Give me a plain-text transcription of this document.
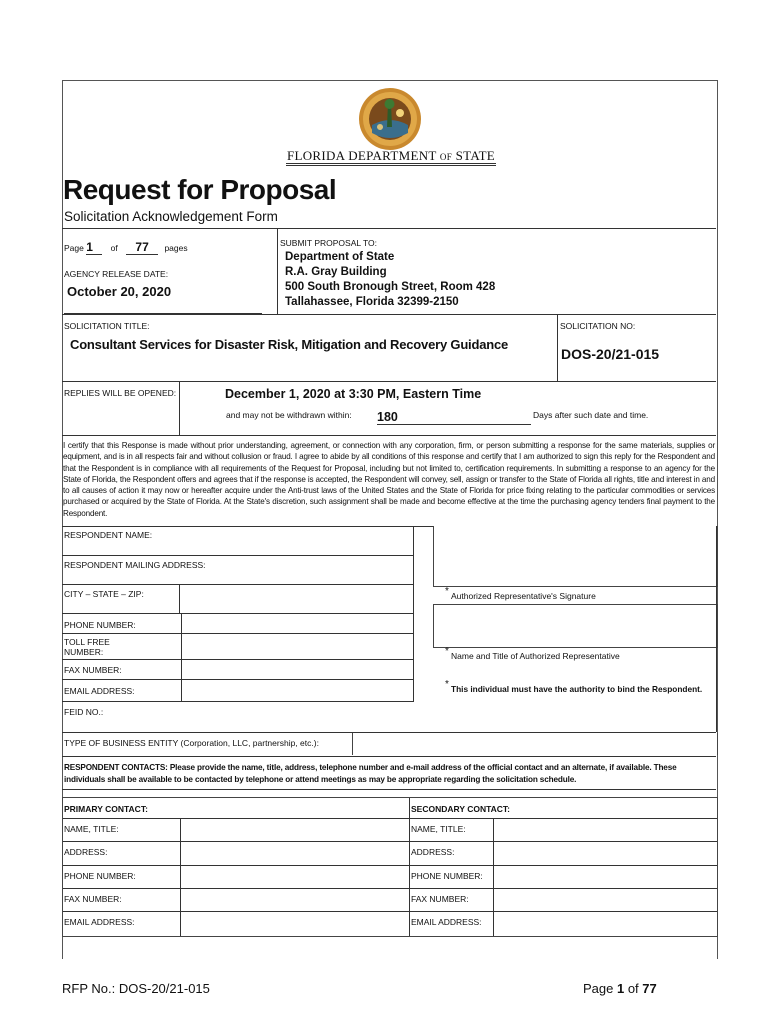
FLORIDA DEPARTMENT of STATE
Request for Proposal
Solicitation Acknowledgement Form
Page 1 of 77 pages
AGENCY RELEASE DATE:
October 20, 2020
SUBMIT PROPOSAL TO:
Department of State
R.A. Gray Building
500 South Bronough Street, Room 428
Tallahassee, Florida 32399-2150
SOLICITATION TITLE:
Consultant Services for Disaster Risk, Mitigation and Recovery Guidance
SOLICITATION NO:
DOS-20/21-015
REPLIES WILL BE OPENED:	December 1, 2020 at 3:30 PM, Eastern Time
and may not be withdrawn within: 180	Days after such date and time.
I certify that this Response is made without prior understanding, agreement, or connection with any corporation, firm, or person submitting a response for the same materials, supplies or equipment, and is in all respects fair and without collusion or fraud. I agree to abide by all conditions of this response and certify that I am authorized to sign this reply for the Respondent and that the Respondent is in compliance with all requirements of the Request for Proposal, including but not limited to, certification requirements. In submitting a response to an agency for the State of Florida, the Respondent offers and agrees that if the response is accepted, the Respondent will convey, sell, assign or transfer to the State of Florida all rights, title and interest in and to all causes of action it may now or hereafter acquire under the Anti-trust laws of the United States and the State of Florida for price fixing relating to the particular commodities or services purchased or acquired by the State of Florida. At the State's discretion, such assignment shall be made and become effective at the time the purchasing agency tenders final payment to the Respondent.
RESPONDENT NAME:
RESPONDENT MAILING ADDRESS:
CITY – STATE – ZIP:	* Authorized Representative's Signature
* Name and Title of Authorized Representative
* This individual must have the authority to bind the Respondent.
PHONE NUMBER:
TOLL FREE
NUMBER:
FAX NUMBER:
EMAIL ADDRESS:
FEID NO.:
TYPE OF BUSINESS ENTITY (Corporation, LLC, partnership, etc.):
RESPONDENT CONTACTS: Please provide the name, title, address, telephone number and e-mail address of the official contact and an alternate, if available. These individuals shall be available to be contacted by telephone or attend meetings as may be appropriate regarding the solicitation schedule.
PRIMARY CONTACT:	SECONDARY CONTACT:
NAME, TITLE:	NAME, TITLE:
ADDRESS:	ADDRESS:
PHONE NUMBER:	PHONE NUMBER:
FAX NUMBER:	FAX NUMBER:
EMAIL ADDRESS:	EMAIL ADDRESS:
RFP No.: DOS-20/21-015	Page 1 of 77
